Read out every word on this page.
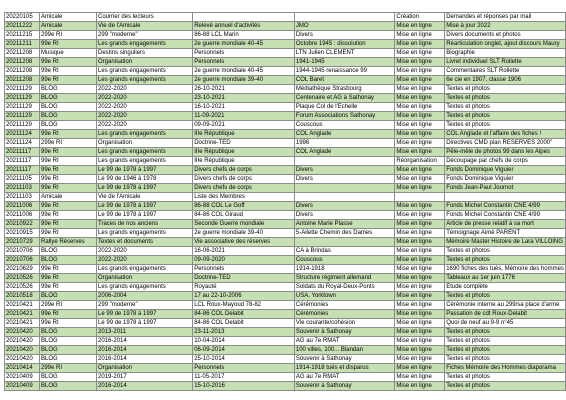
20220105	Amicale	Courrier des lecteurs			Création	Demandes et réponses par mail
20211222	Amicale	Vie de l'Amicale	Relevé annuel d'activités	JMO	Mise en ligne	Mise à jour 2022
20211215	299e RI	299 "moderne"	86-88 LCL Marin	Divers	Mise en ligne	Divers documents et photos
20211211	99e RI	Les grands engagements	2e guerre mondiale 40-45	Octobre 1945 : dissolution	Mise en ligne	Réarticulation onglet, ajout discours Maury
20211208	Musique	Destins singuliers	Personnels	LTN Julien CLEMENT	Mise en ligne	Biographie
20211208	99e RI	Organisation	Personnels	1941-1945	Mise en ligne	Livret individuel SLT Roilette
20211208	99e RI	Les grands engagements	2e guerre mondiale 40-45	1944-1945 renaissance 99	Mise en ligne	Commentaires SLT Roilette
20211208	99e RI	Les grands engagements	2e guerre mondiale 39-40	COL Baret	Mise en ligne	6e cie en 1907, classe 1906
20211129	BLOG	2022-2020	26-10-2021	Médiathèque Strasbourg	Mise en ligne	Textes et photos
20211129	BLOG	2022-2020	23-10-2021	Centenaire et AG à Sathonay	Mise en ligne	Textes et photos
20211129	BLOG	2022-2020	16-10-2021	Plaque Col de l'Echelle	Mise en ligne	Textes et photos
20211129	BLOG	2022-2020	11-09-2021	Forum Associations Sathonay	Mise en ligne	Textes et photos
20211129	BLOG	2022-2020	09-09-2021	Couscous	Mise en ligne	Textes et photos
20211124	99e RI	Les grands engagements	IIIe République	COL Anglade	Mise en ligne	COL Anglade et l'affaire des fiches !
20211124	299e RI	Organisation	Doctrine-TED	1996	Mise en ligne	Directives CMD plan RESERVES 2000"
20211117	99e RI	Les grands engagements	IIIe République	COL Anglade	Mise en ligne	Pêle-mêle de photos 99 dans les Alpes
20211117	99e RI	Les grands engagements	IIIe République		Réorganisation	Découpage par chefs de corps
20211117	99e RI	Le 99 de 1978 à 1997	Divers chefs de corps	Divers	Mise en ligne	Fonds Dominique Viguier
20211105	99e RI	Le 99 de 1946 à 1978	Divers chefs de corps	Divers	Mise en ligne	Fonds Dominique Viguier
20211103	99e RI	Le 99 de 1978 à 1997	Divers chefs de corps		Mise en ligne	Fonds Jean-Paul Journot
20211103	Amicale	Vie de l'Amicale	Liste des Membres			
20211006	99e RI	Le 99 de 1978 à 1997	86-88 COL Le Goff	Divers	Mise en ligne	Fonds Michel Constantin CNE 4/99
20211006	99e RI	Le 99 de 1978 à 1997	84-86 COL Giraud	Divers	Mise en ligne	Fonds Michel Constantin CNE 4/99
20210922	99e RI	Traces de nos anciens	Seconde Guerre mondiale	Antoine Marie Plasse	Mise en ligne	Article de presse relatif à sa mort
20210915	99e RI	Les grands engagements	2e guerre mondiale 39-40	5-Ailette Chemin des Dames	Mise en ligne	Témoignage Aimé PARENT
20210729	Rallye Réserves	Textes et documents	Vie associative des réserves		Mise en ligne	Mémoire Master Histoire de Lara VILLOING
20210706	BLOG	2022-2020	16-06-2021	CA à Brindas	Mise en ligne	Textes et photos
20210706	BLOG	2022-2020	09-09-2020	Couscous	Mise en ligne	Textes et photos
20210629	99e RI	Les grands engagements	Personnels	1914-1918	Mise en ligne	1690 fiches des tués, Mémoire des hommes
20210526	99e RI	Organisation	Doctrine-TED	Structure régiment allemand	Mise en ligne	Tableaux au 1er juin 1776
20210526	99e RI	Les grands engagements	Royauté	Soldats du Royal-Deux-Ponts	Mise en ligne	Etude complète
20210518	BLOG	2006-2004	17 au 22-10-2006	USA, Yorktown	Mise en ligne	Textes et photos
20210421	299e RI	299 "moderne"	LCL Roux-Mayoud 78-82	Cérémonies	Mise en ligne	Cérémonie interne au 299/sa place d'arme
20210421	99e RI	Le 99 de 1978 à 1997	84-86 COL Delabit	Cérémonies	Mise en ligne	Passation de cdt Roux-Delabit
20210421	99e RI	Le 99 de 1978 à 1997	84-86 COL Delabit	Vie courante/cohésion	Mise en ligne	Quoi de neuf au 9-9 n°45
20210420	BLOG	2013-2011	23-11-2013	Souvenir à Sathonay	Mise en ligne	Textes et photos
20210420	BLOG	2016-2014	10-04-2014	AG au 7e RMAT	Mise en ligne	Textes et photos
20210420	BLOG	2016-2014	06-09-2014	100 villes, 100... Blandan	Mise en ligne	Textes et photos
20210420	BLOG	2016-2014	25-10-2014	Souvenir à Sathonay	Mise en ligne	Textes et photos
20210414	299e RI	Organisation	Personnels	1914-1918 tués et disparus	Mise en ligne	Fiches Mémoire des Hommes diaporama
20210409	BLOG	2019-2017	11-05-2017	AG au 7e RMAT	Mise en ligne	Textes et photos
20210409	BLOG	2016-2014	15-10-2016	Souvenir à Sathonay	Mise en ligne	Textes et photos
